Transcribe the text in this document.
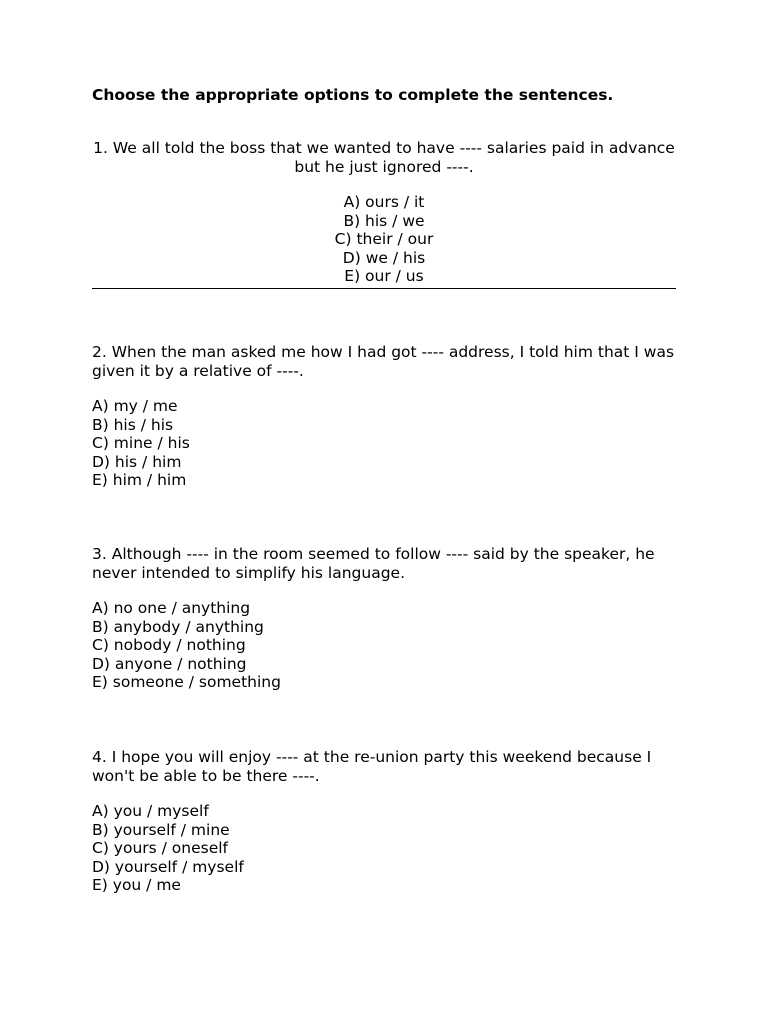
Choose the appropriate options to complete the sentences.

1. We all told the boss that we wanted to have ---- salaries paid in advance but he just ignored ----.

A) ours / it
B) his / we
C) their / our
D) we / his
E) our / us

2. When the man asked me how I had got ---- address, I told him that I was given it by a relative of ----.

A) my / me
B) his / his
C) mine / his
D) his / him
E) him / him

3. Although ---- in the room seemed to follow ---- said by the speaker, he never intended to simplify his language.

A) no one / anything
B) anybody / anything
C) nobody / nothing
D) anyone / nothing
E) someone / something

4. I hope you will enjoy ---- at the re-union party this weekend because I won't be able to be there ----.

A) you / myself
B) yourself / mine
C) yours / oneself
D) yourself / myself
E) you / me
